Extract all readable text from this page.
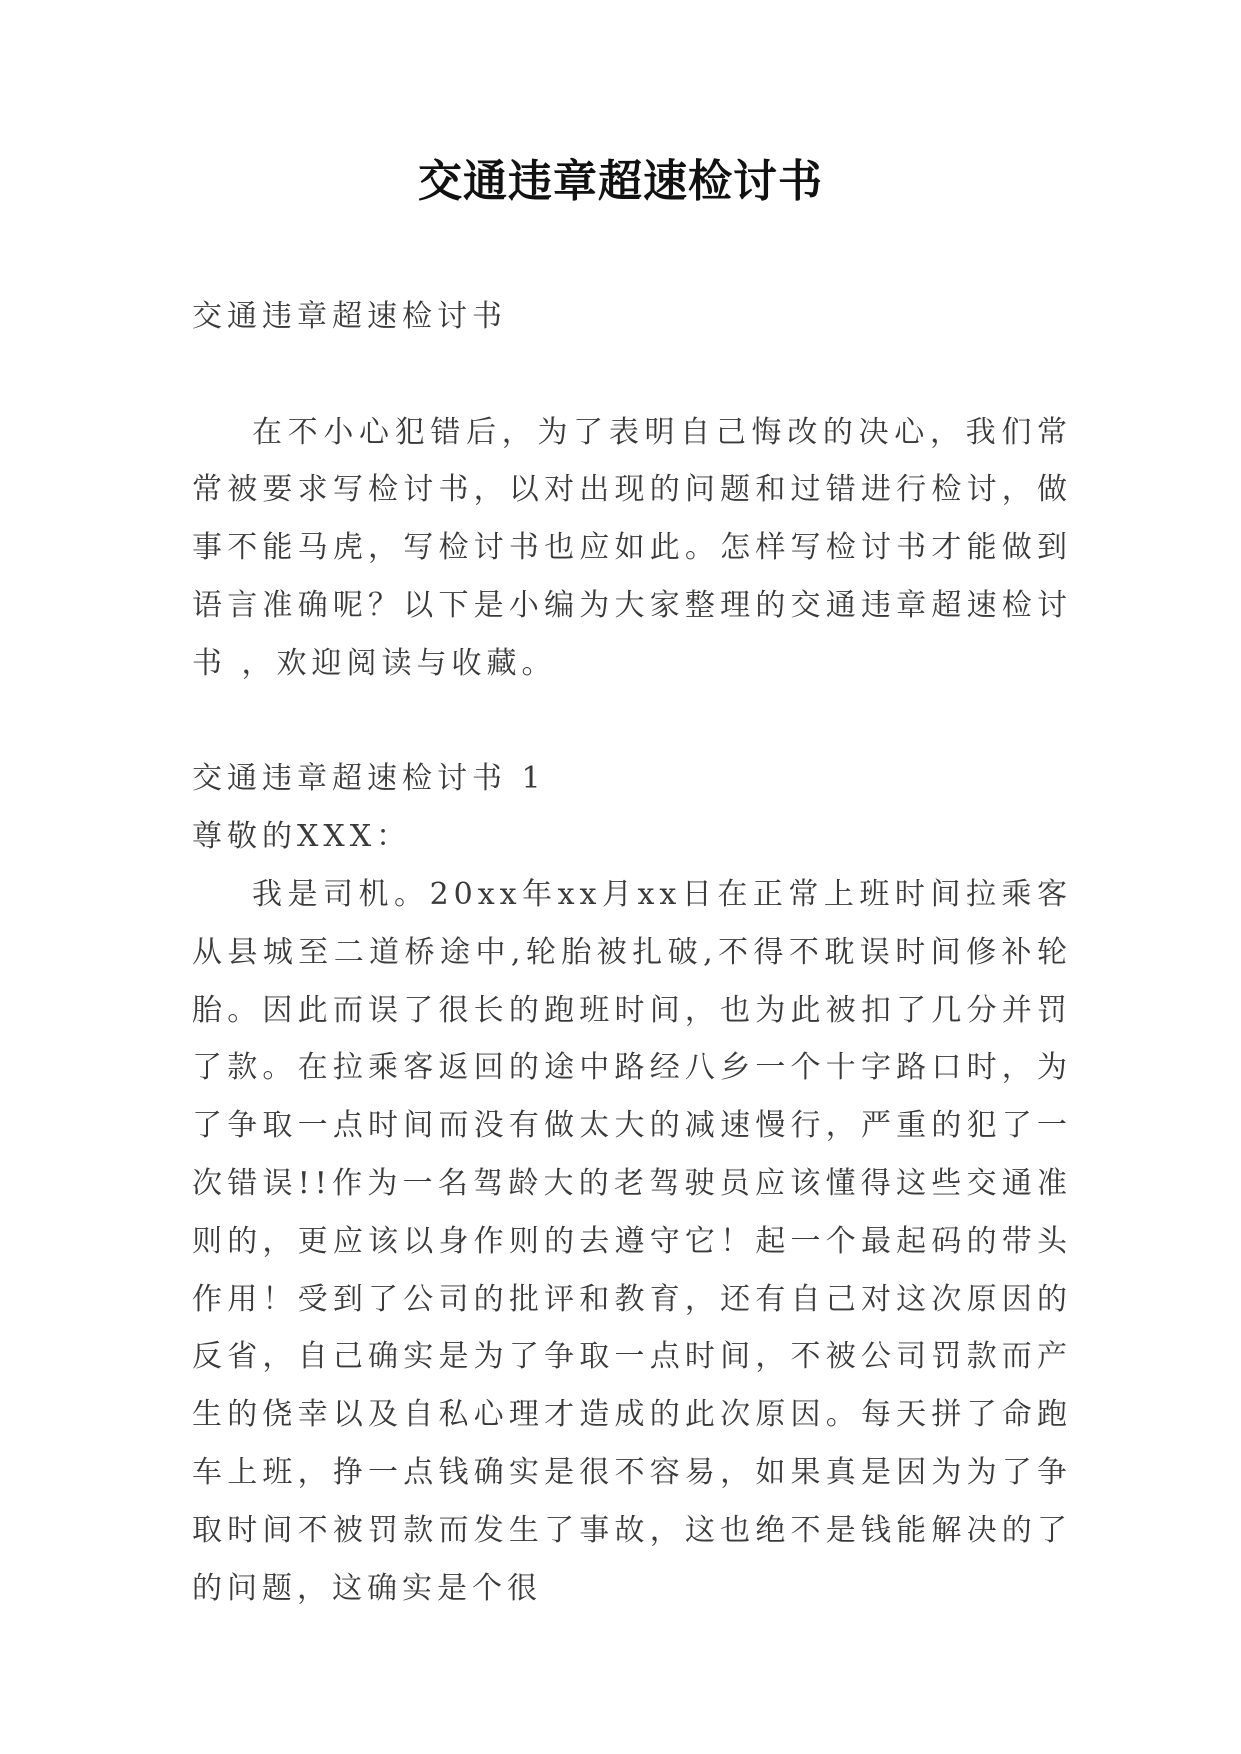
交通违章超速检讨书

交通违章超速检讨书

在不小心犯错后，为了表明自己悔改的决心，我们常常被要求写检讨书，以对出现的问题和过错进行检讨，做事不能马虎，写检讨书也应如此。怎样写检讨书才能做到语言准确呢？以下是小编为大家整理的交通违章超速检讨书 ，欢迎阅读与收藏。

交通违章超速检讨书 1

尊敬的XXX：

我是司机。20xx年xx月xx日在正常上班时间拉乘客从县城至二道桥途中,轮胎被扎破,不得不耽误时间修补轮胎。因此而误了很长的跑班时间，也为此被扣了几分并罚了款。在拉乘客返回的途中路经八乡一个十字路口时，为了争取一点时间而没有做太大的减速慢行，严重的犯了一次错误!!作为一名驾龄大的老驾驶员应该懂得这些交通准则的，更应该以身作则的去遵守它！起一个最起码的带头作用！受到了公司的批评和教育，还有自己对这次原因的反省，自己确实是为了争取一点时间，不被公司罚款而产生的侥幸以及自私心理才造成的此次原因。每天拼了命跑车上班，挣一点钱确实是很不容易，如果真是因为为了争取时间不被罚款而发生了事故，这也绝不是钱能解决的了的问题，这确实是个很
